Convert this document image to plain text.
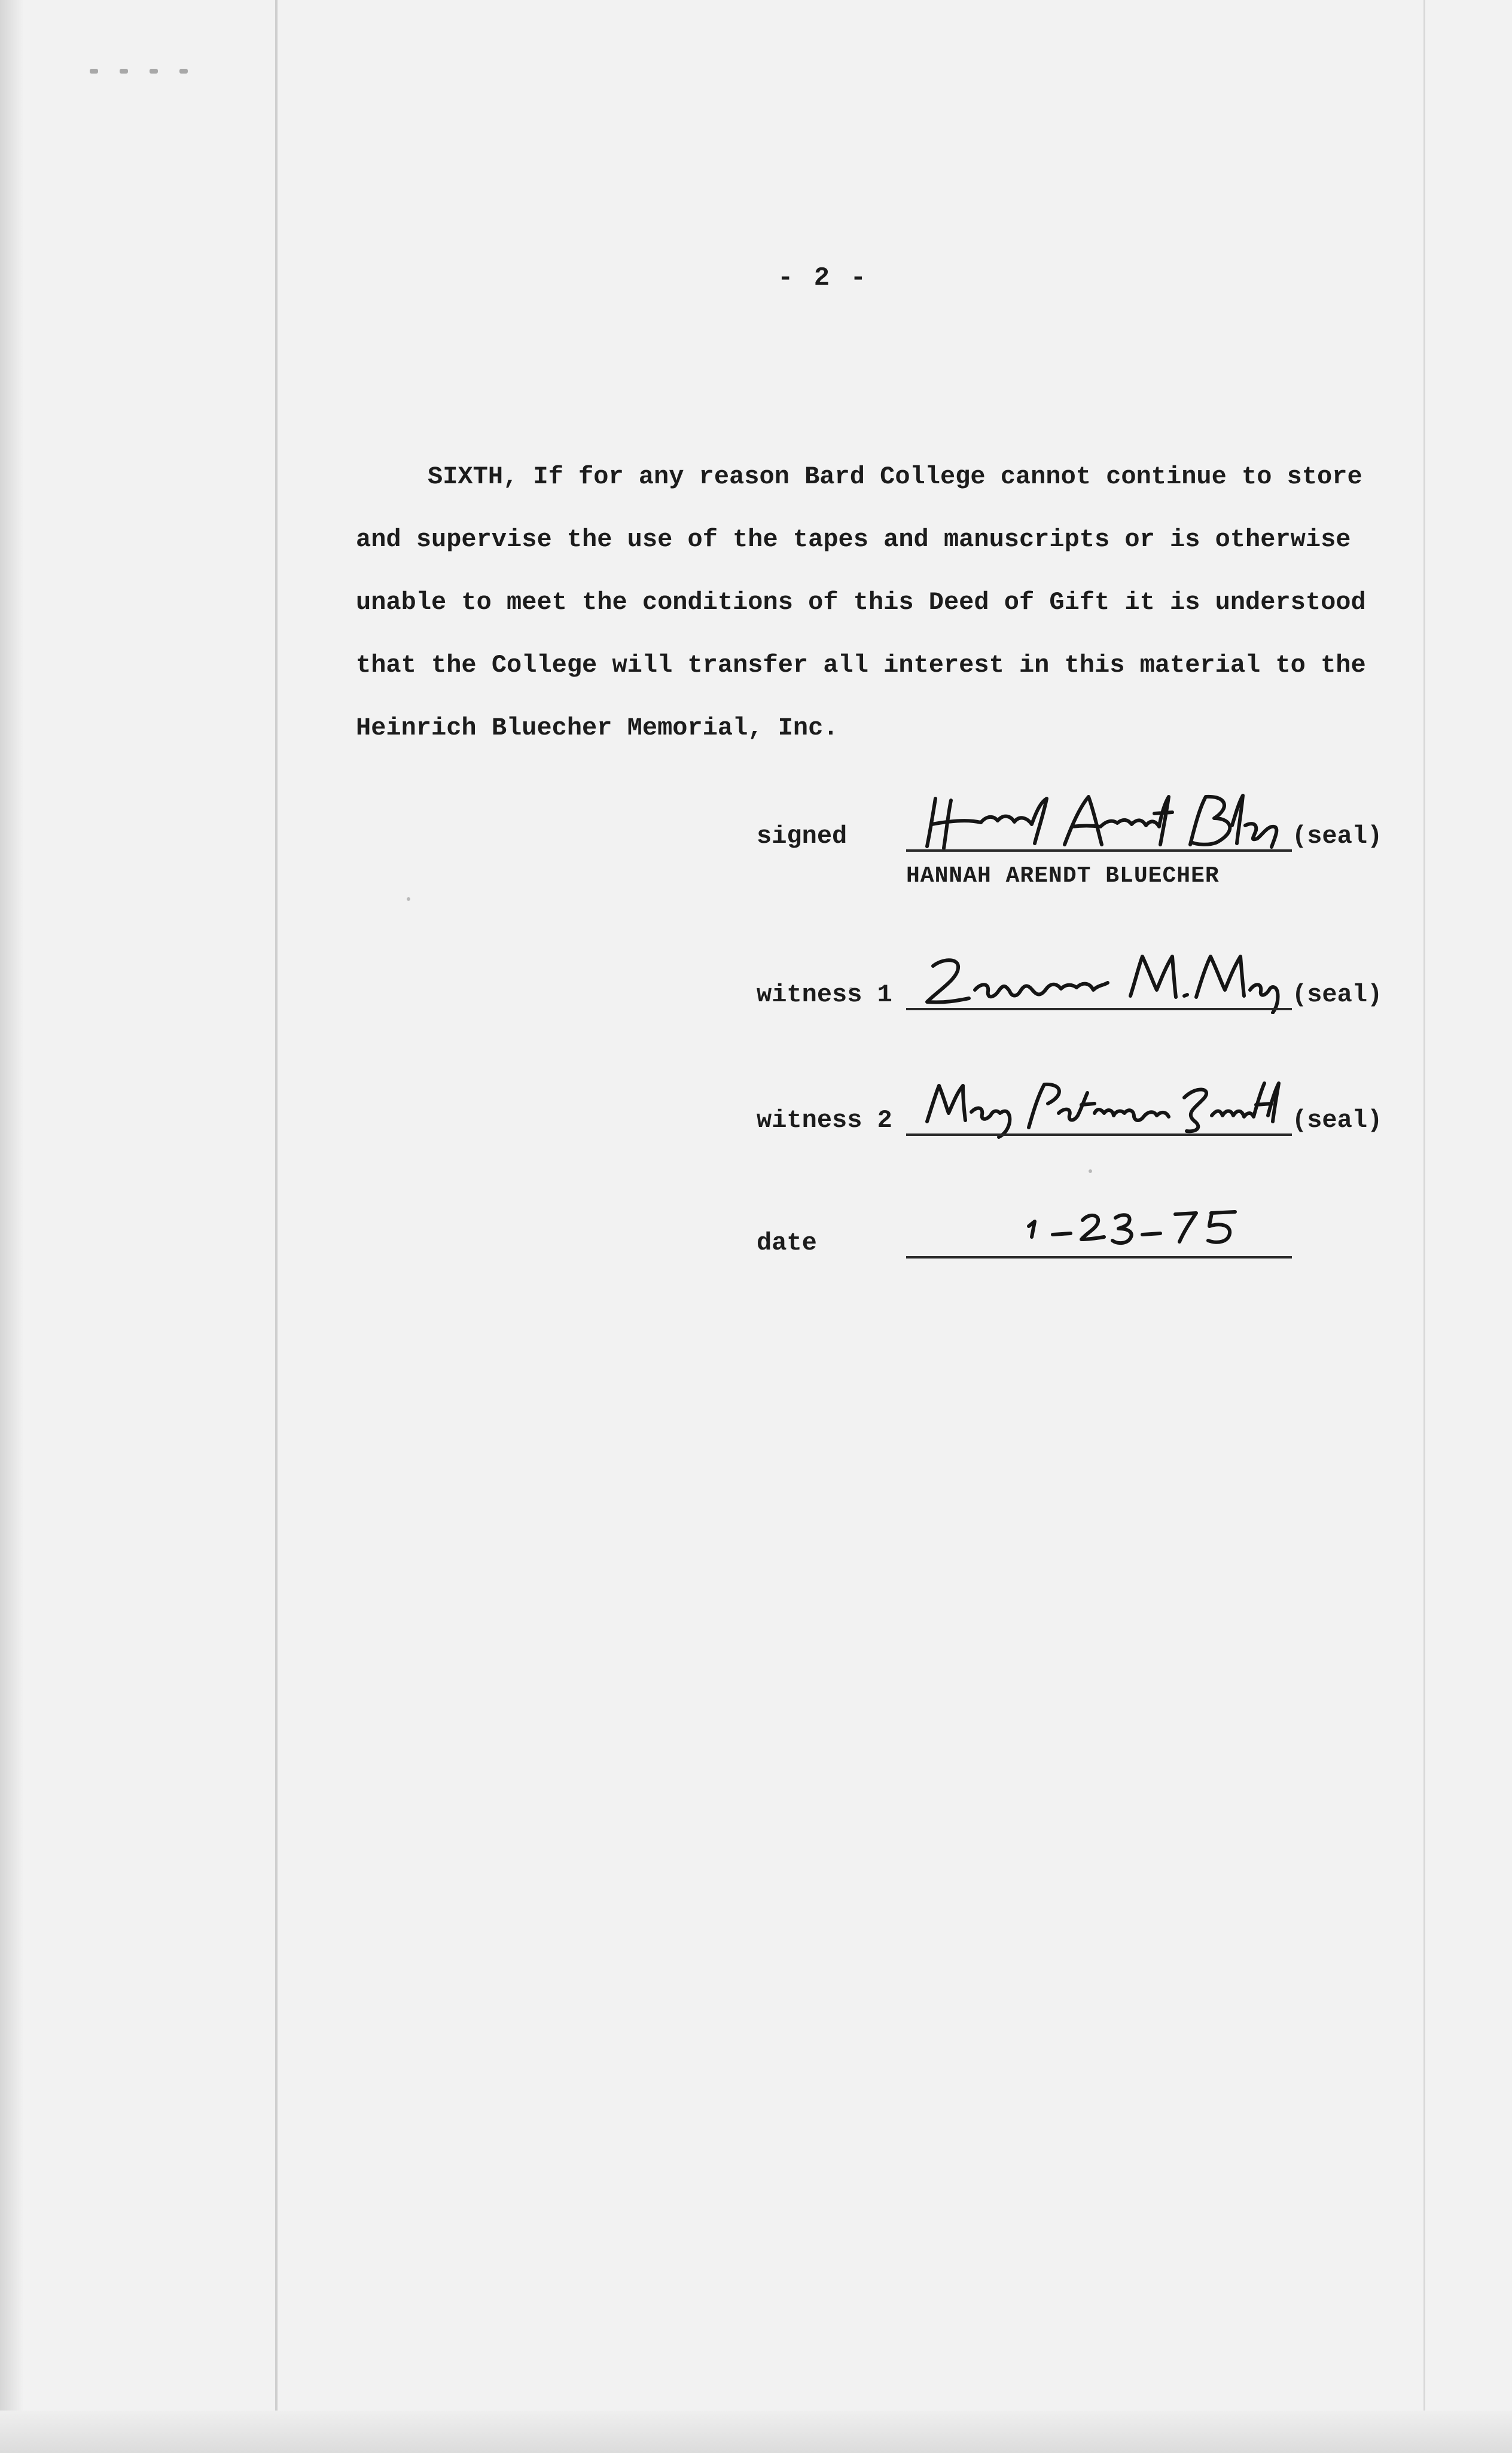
- 2 -
SIXTH, If for any reason Bard College cannot continue to store
and supervise the use of the tapes and manuscripts or is otherwise
unable to meet the conditions of this Deed of Gift it is understood
that the College will transfer all interest in this material to the
Heinrich Bluecher Memorial, Inc.
signed	(seal)
HANNAH ARENDT BLUECHER
witness 1	(seal)
witness 2	(seal)
date
